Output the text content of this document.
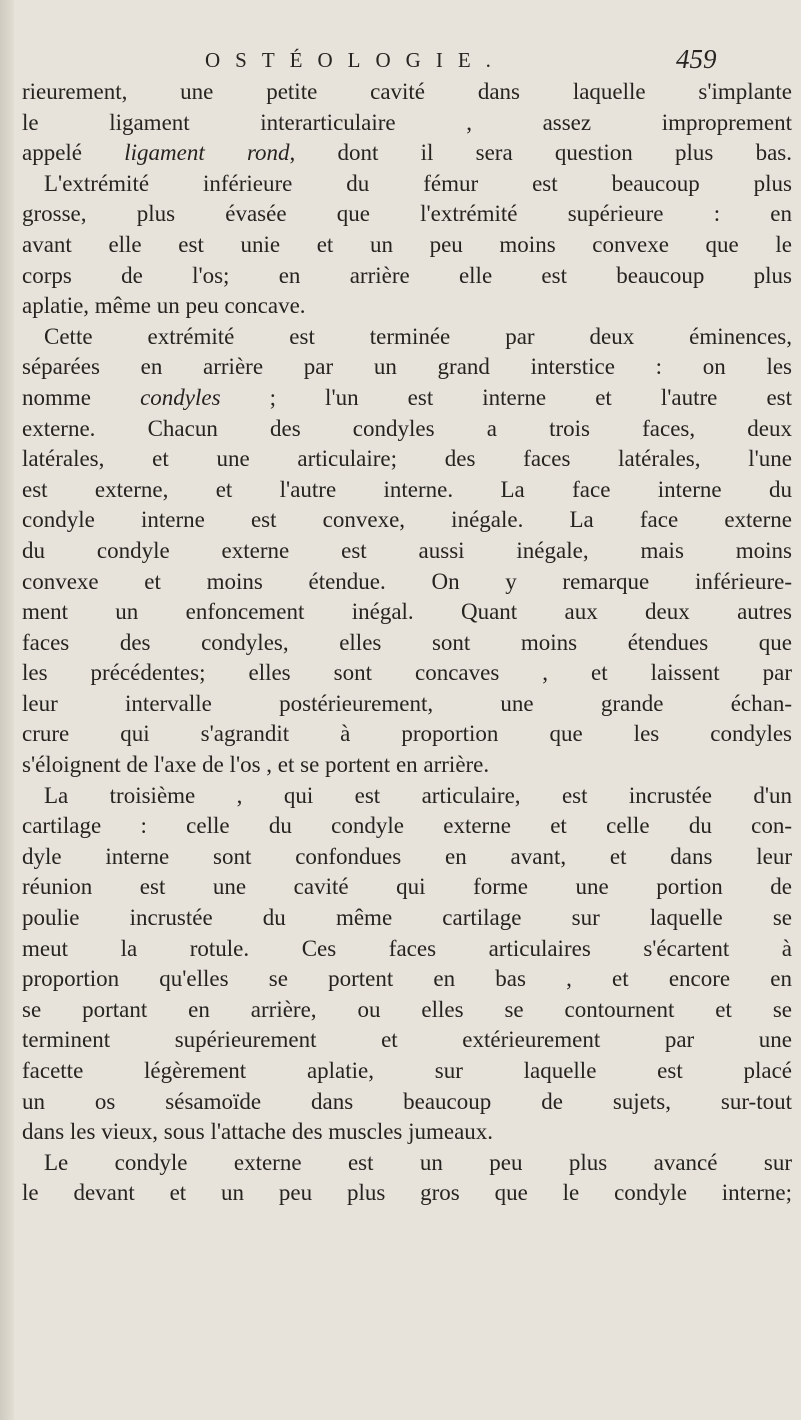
OSTÉOLOGIE.	459
rieurement, une petite cavité dans laquelle s'implante
le ligament interarticulaire , assez improprement
appelé ligament rond, dont il sera question plus bas.
L'extrémité inférieure du fémur est beaucoup plus
grosse, plus évasée que l'extrémité supérieure : en
avant elle est unie et un peu moins convexe que le
corps de l'os; en arrière elle est beaucoup plus
aplatie, même un peu concave.
Cette extrémité est terminée par deux éminences,
séparées en arrière par un grand interstice : on les
nomme condyles ; l'un est interne et l'autre est
externe. Chacun des condyles a trois faces, deux
latérales, et une articulaire; des faces latérales, l'une
est externe, et l'autre interne. La face interne du
condyle interne est convexe, inégale. La face externe
du condyle externe est aussi inégale, mais moins
convexe et moins étendue. On y remarque inférieure-
ment un enfoncement inégal. Quant aux deux autres
faces des condyles, elles sont moins étendues que
les précédentes; elles sont concaves , et laissent par
leur intervalle postérieurement, une grande échan-
crure qui s'agrandit à proportion que les condyles
s'éloignent de l'axe de l'os , et se portent en arrière.
La troisième , qui est articulaire, est incrustée d'un
cartilage : celle du condyle externe et celle du con-
dyle interne sont confondues en avant, et dans leur
réunion est une cavité qui forme une portion de
poulie incrustée du même cartilage sur laquelle se
meut la rotule. Ces faces articulaires s'écartent à
proportion qu'elles se portent en bas , et encore en
se portant en arrière, ou elles se contournent et se
terminent supérieurement et extérieurement par une
facette légèrement aplatie, sur laquelle est placé
un os sésamoïde dans beaucoup de sujets, sur-tout
dans les vieux, sous l'attache des muscles jumeaux.
Le condyle externe est un peu plus avancé sur
le devant et un peu plus gros que le condyle interne;
